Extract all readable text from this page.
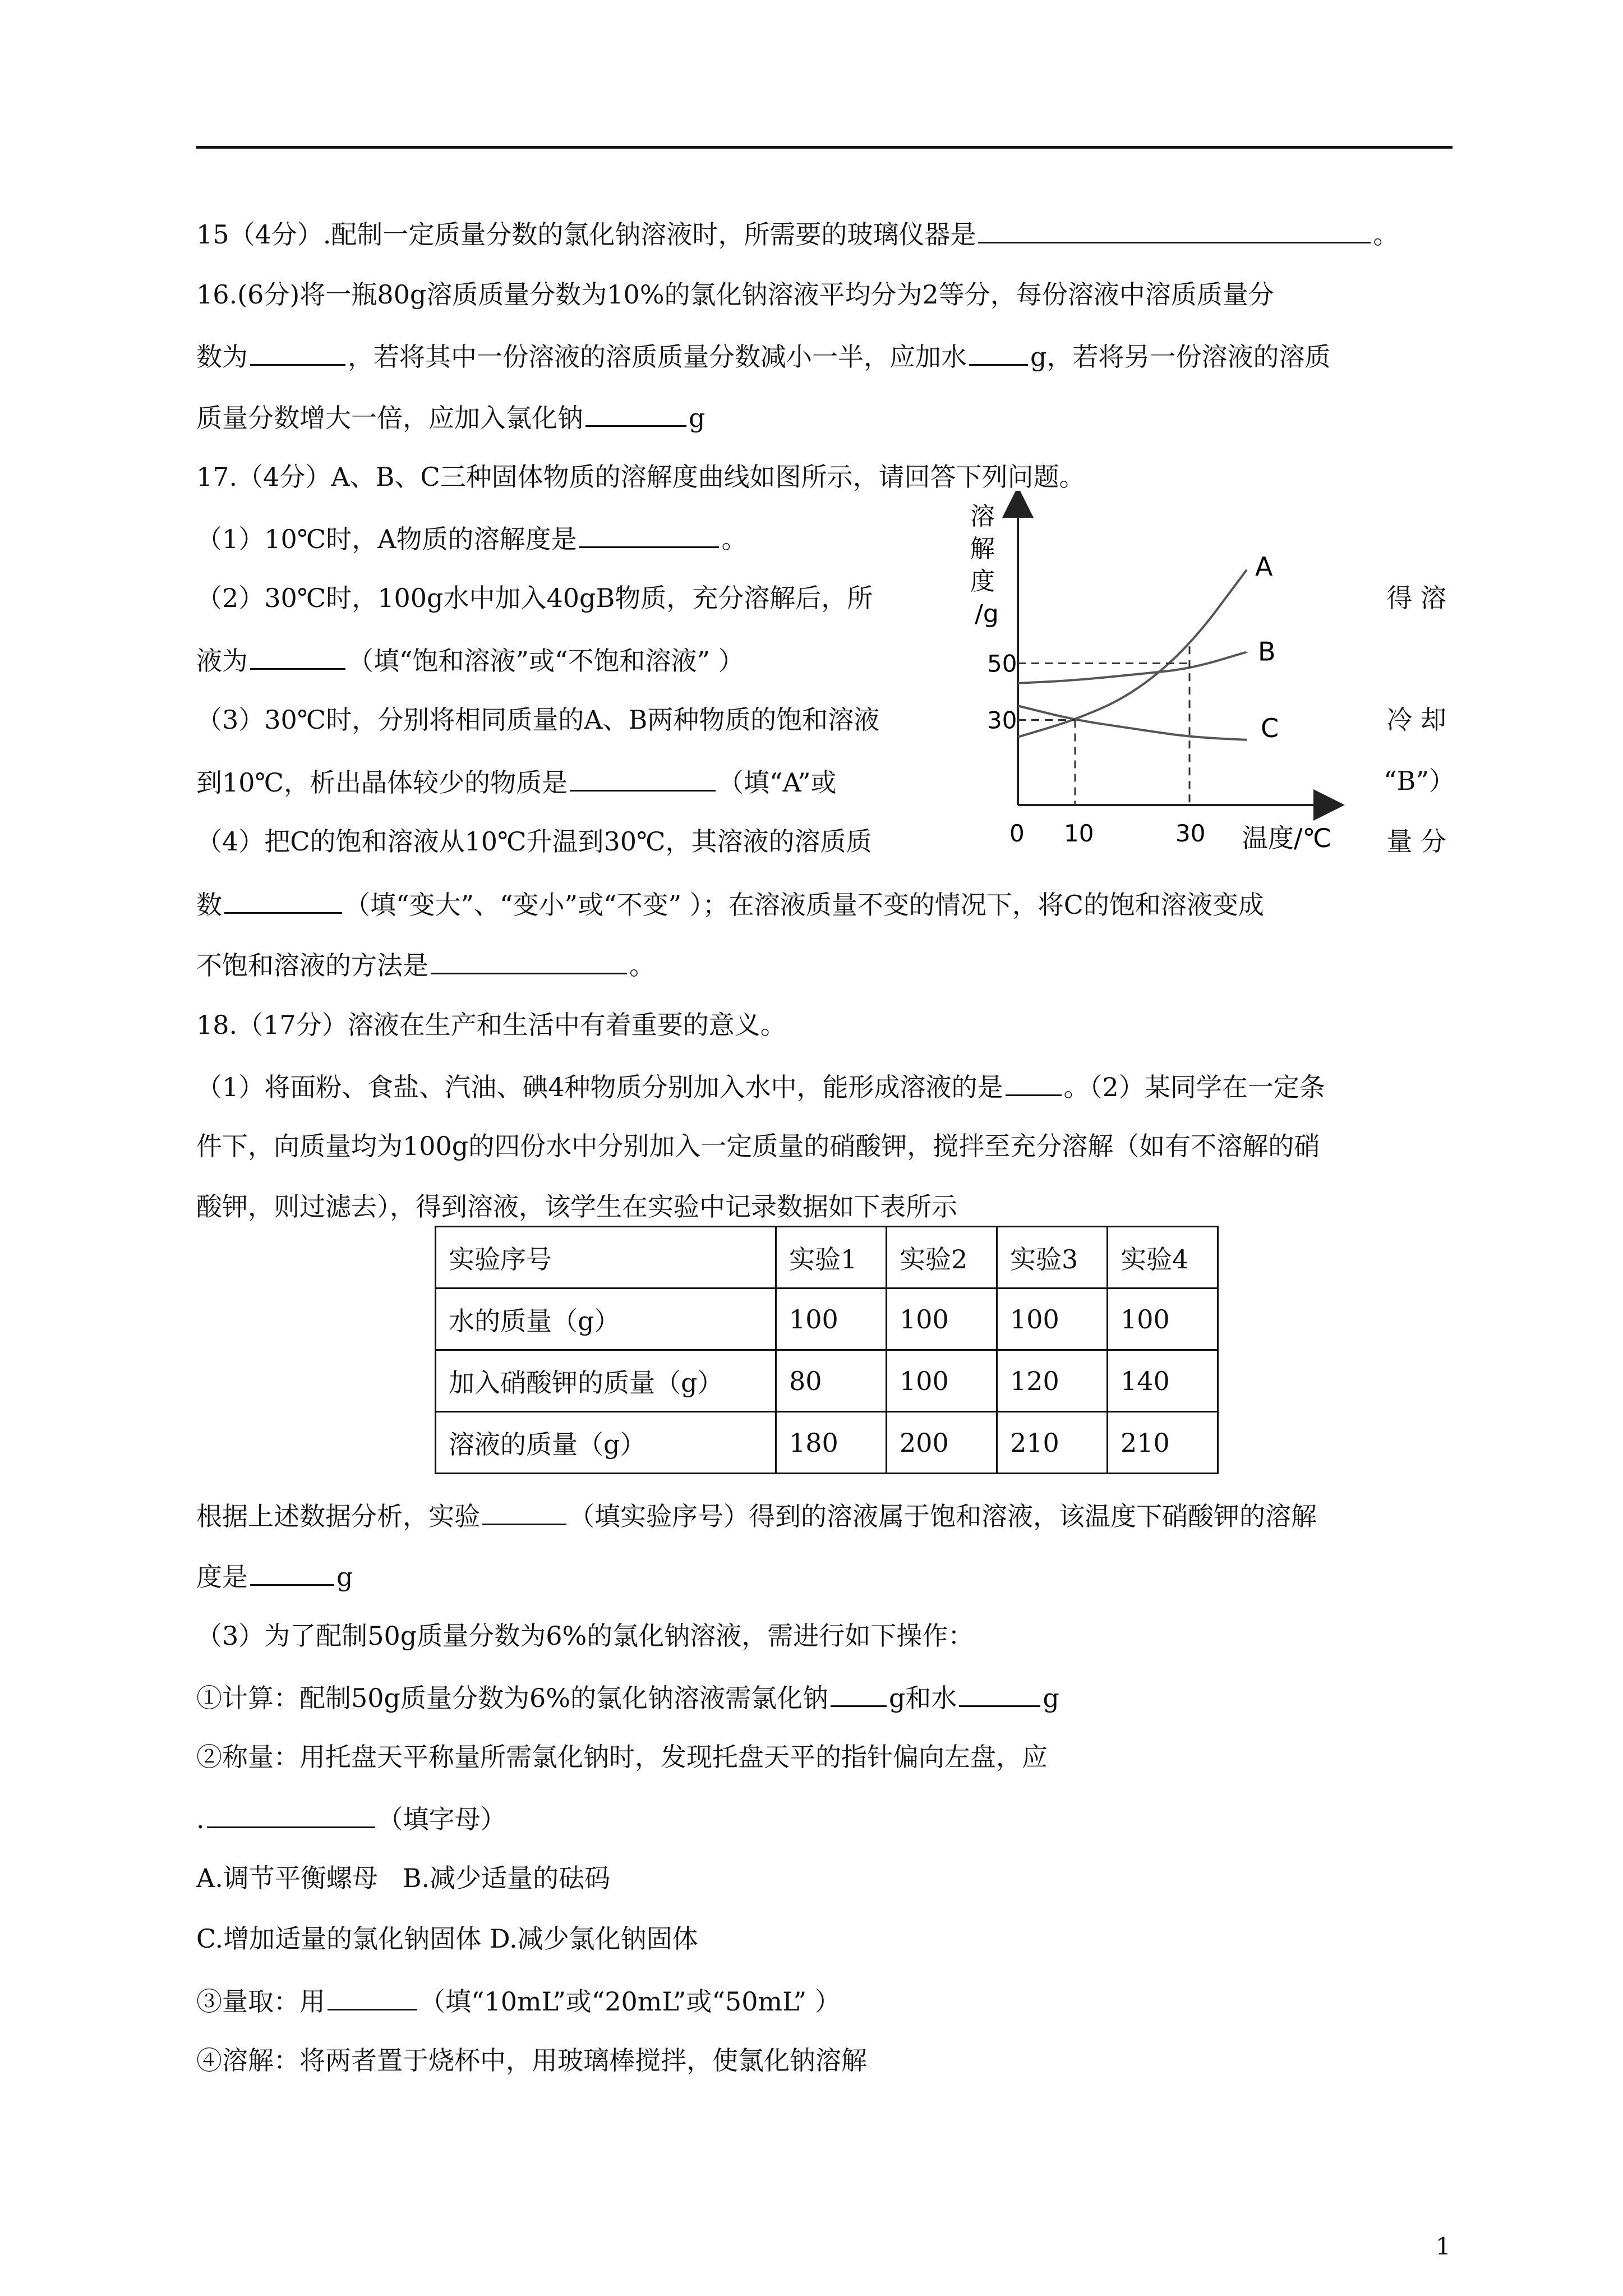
15（4分）.配制一定质量分数的氯化钠溶液时，所需要的玻璃仪器是	。
16.(6分)将一瓶80g溶质质量分数为10%的氯化钠溶液平均分为2等分，每份溶液中溶质质量分
数为	，若将其中一份溶液的溶质质量分数减小一半，应加水 g，若将另一份溶液的溶质
质量分数增大一倍，应加入氯化钠	g
17.（4分）A、B、C三种固体物质的溶解度曲线如图所示，请回答下列问题。
（1）10℃时，A物质的溶解度是	。
（2）30℃时，100g水中加入40gB物质，充分溶解后，所	得 溶
液为	（填“饱和溶液”或“不饱和溶液” ）
（3）30℃时，分别将相同质量的A、B两种物质的饱和溶液	冷 却
到10℃，析出晶体较少的物质是	（填“A”或	“B”）
（4）把C的饱和溶液从10℃升温到30℃，其溶液的溶质质	量 分
数	（填“变大”、“变小”或“不变” ）；在溶液质量不变的情况下，将C的饱和溶液变成
不饱和溶液的方法是	。
溶
解
度
/g
温度/℃
50
30
0 10	30
A
B
C
18.（17分）溶液在生产和生活中有着重要的意义。
（1）将面粉、食盐、汽油、碘4种物质分别加入水中，能形成溶液的是 。（2）某同学在一定条
件下，向质量均为100g的四份水中分别加入一定质量的硝酸钾，搅拌至充分溶解（如有不溶解的硝
酸钾，则过滤去），得到溶液，该学生在实验中记录数据如下表所示
实验序号	实验1	实验2	实验3	实验4
水的质量（g）	100	100	100	100
加入硝酸钾的质量（g）	80	100	120	140
溶液的质量（g）	180	200	210	210
根据上述数据分析，实验	（填实验序号）得到的溶液属于饱和溶液，该温度下硝酸钾的溶解
度是	g
（3）为了配制50g质量分数为6%的氯化钠溶液，需进行如下操作：
①计算：配制50g质量分数为6%的氯化钠溶液需氯化钠 g和水	g
②称量：用托盘天平称量所需氯化钠时，发现托盘天平的指针偏向左盘，应
.	（填字母）
A.调节平衡螺母   B.减少适量的砝码
C.增加适量的氯化钠固体 D.减少氯化钠固体
③量取：用	（填“10mL”或“20mL”或“50mL” ）
④溶解：将两者置于烧杯中，用玻璃棒搅拌，使氯化钠溶解
1
